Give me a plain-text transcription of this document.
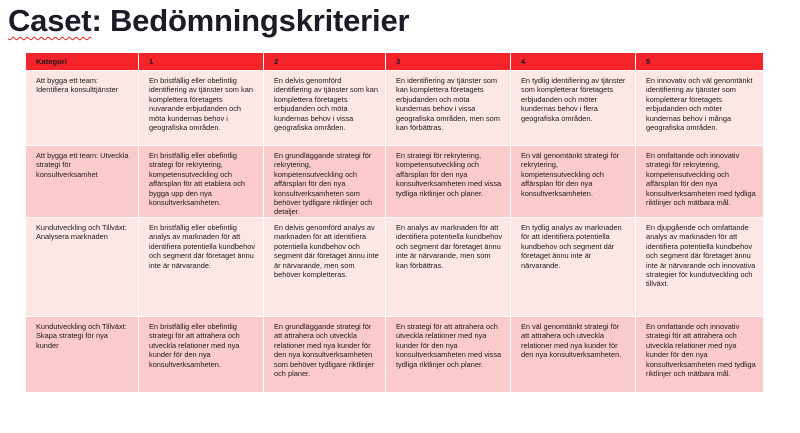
Caset: Bedömningskriterier
Kategori	1	2	3	4	5
Att bygga ett team: Identifiera konsulttjänster	En bristfällig eller obefintlig identifiering av tjänster som kan komplettera företagets nuvarande erbjudanden och möta kundernas behov i geografiska områden.	En delvis genomförd identifiering av tjänster som kan komplettera företagets erbjudanden och möta kundernas behov i vissa geografiska områden.	En identifiering av tjänster som kan komplettera företagets erbjudanden och möta kundernas behov i vissa geografiska områden, men som kan förbättras.	En tydlig identifiering av tjänster som kompletterar företagets erbjudanden och möter kundernas behov i flera geografiska områden.	En innovativ och väl genomtänkt identifiering av tjänster som kompletterar företagets erbjudanden och möter kundernas behov i många geografiska områden.
Att bygga ett team: Utveckla strategi för konsultverksamhet	En bristfällig eller obefintlig strategi för rekrytering, kompetensutveckling och affärsplan för att etablera och bygga upp den nya konsultverksamheten.	En grundläggande strategi för rekrytering, kompetensutveckling och affärsplan för den nya konsultverksamheten som behöver tydligare riktlinjer och detaljer.	En strategi för rekrytering, kompetensutveckling och affärsplan för den nya konsultverksamheten med vissa tydliga riktlinjer och planer.	En väl genomtänkt strategi för rekrytering, kompetensutveckling och affärsplan för den nya konsultverksamheten.	En omfattande och innovativ strategi för rekrytering, kompetensutveckling och affärsplan för den nya konsultverksamheten med tydliga riktlinjer och mätbara mål.
Kundutveckling och Tillväxt: Analysera marknaden	En bristfällig eller obefintlig analys av marknaden för att identifiera potentiella kundbehov och segment där företaget ännu inte är närvarande.	En delvis genomförd analys av marknaden för att identifiera potentiella kundbehov och segment där företaget ännu inte är närvarande, men som behöver kompletteras.	En analys av marknaden för att identifiera potentiella kundbehov och segment där företaget ännu inte är närvarande, men som kan förbättras.	En tydlig analys av marknaden för att identifiera potentiella kundbehov och segment där företaget ännu inte är närvarande.	En djupgående och omfattande analys av marknaden för att identifiera potentiella kundbehov och segment där företaget ännu inte är närvarande och innovativa strategier för kundutveckling och tillväxt.
Kundutveckling och Tillväxt: Skapa strategi för nya kunder	En bristfällig eller obefintlig strategi för att attrahera och utveckla relationer med nya kunder för den nya konsultverksamheten.	En grundläggande strategi för att attrahera och utveckla relationer med nya kunder för den nya konsultverksamheten som behöver tydligare riktlinjer och planer.	En strategi för att attrahera och utveckla relationer med nya kunder för den nya konsultverksamheten med vissa tydliga riktlinjer och planer.	En väl genomtänkt strategi för att attrahera och utveckla relationer med nya kunder för den nya konsultverksamheten.	En omfattande och innovativ strategi för att attrahera och utveckla relationer med nya kunder för den nya konsultverksamheten med tydliga riktlinjer och mätbara mål.
